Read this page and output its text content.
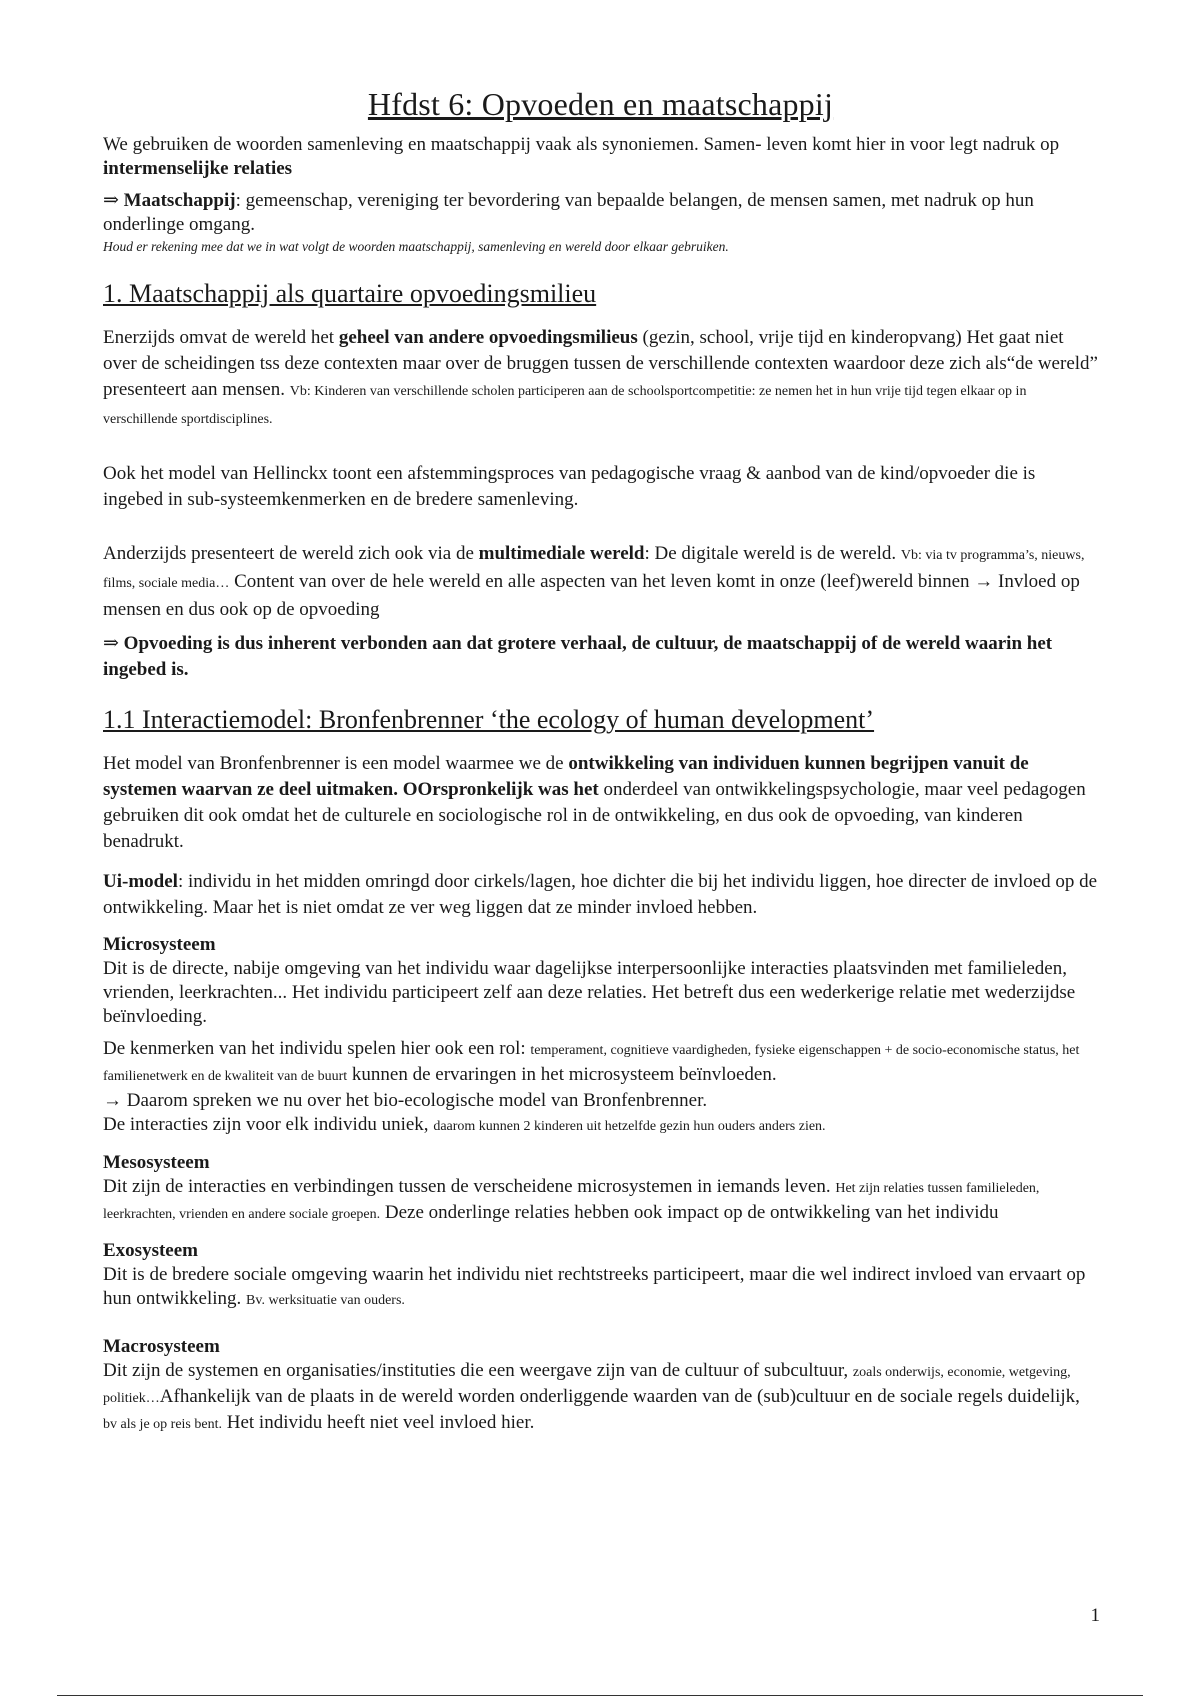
Hfdst 6: Opvoeden en maatschappij

We gebruiken de woorden samenleving en maatschappij vaak als synoniemen. Samen- leven komt hier in voor legt nadruk op intermenselijke relaties

⇒ Maatschappij: gemeenschap, vereniging ter bevordering van bepaalde belangen, de mensen samen, met nadruk op hun onderlinge omgang.

Houd er rekening mee dat we in wat volgt de woorden maatschappij, samenleving en wereld door elkaar gebruiken.

1. Maatschappij als quartaire opvoedingsmilieu

Enerzijds omvat de wereld het geheel van andere opvoedingsmilieus (gezin, school, vrije tijd en kinderopvang) Het gaat niet over de scheidingen tss deze contexten maar over de bruggen tussen de verschillende contexten waardoor deze zich als“de wereld” presenteert aan mensen. Vb: Kinderen van verschillende scholen participeren aan de schoolsportcompetitie: ze nemen het in hun vrije tijd tegen elkaar op in verschillende sportdisciplines.

Ook het model van Hellinckx toont een afstemmingsproces van pedagogische vraag & aanbod van de kind/opvoeder die is ingebed in sub-systeemkenmerken en de bredere samenleving.

Anderzijds presenteert de wereld zich ook via de multimediale wereld: De digitale wereld is de wereld. Vb: via tv programma’s, nieuws, films, sociale media… Content van over de hele wereld en alle aspecten van het leven komt in onze (leef)wereld binnen → Invloed op mensen en dus ook op de opvoeding

⇒ Opvoeding is dus inherent verbonden aan dat grotere verhaal, de cultuur, de maatschappij of de wereld waarin het ingebed is.

1.1 Interactiemodel: Bronfenbrenner ‘the ecology of human development’

Het model van Bronfenbrenner is een model waarmee we de ontwikkeling van individuen kunnen begrijpen vanuit de systemen waarvan ze deel uitmaken. OOrspronkelijk was het onderdeel van ontwikkelingspsychologie, maar veel pedagogen gebruiken dit ook omdat het de culturele en sociologische rol in de ontwikkeling, en dus ook de opvoeding, van kinderen benadrukt.

Ui-model: individu in het midden omringd door cirkels/lagen, hoe dichter die bij het individu liggen, hoe directer de invloed op de ontwikkeling. Maar het is niet omdat ze ver weg liggen dat ze minder invloed hebben.

Microsysteem

Dit is de directe, nabije omgeving van het individu waar dagelijkse interpersoonlijke interacties plaatsvinden met familieleden, vrienden, leerkrachten... Het individu participeert zelf aan deze relaties. Het betreft dus een wederkerige relatie met wederzijdse beïnvloeding.

De kenmerken van het individu spelen hier ook een rol: temperament, cognitieve vaardigheden, fysieke eigenschappen + de socio-economische status, het familienetwerk en de kwaliteit van de buurt kunnen de ervaringen in het microsysteem beïnvloeden.

→ Daarom spreken we nu over het bio-ecologische model van Bronfenbrenner.

De interacties zijn voor elk individu uniek, daarom kunnen 2 kinderen uit hetzelfde gezin hun ouders anders zien.

Mesosysteem

Dit zijn de interacties en verbindingen tussen de verscheidene microsystemen in iemands leven. Het zijn relaties tussen familieleden, leerkrachten, vrienden en andere sociale groepen. Deze onderlinge relaties hebben ook impact op de ontwikkeling van het individu

Exosysteem

Dit is de bredere sociale omgeving waarin het individu niet rechtstreeks participeert, maar die wel indirect invloed van ervaart op hun ontwikkeling. Bv. werksituatie van ouders.

Macrosysteem

Dit zijn de systemen en organisaties/instituties die een weergave zijn van de cultuur of subcultuur, zoals onderwijs, economie, wetgeving, politiek…Afhankelijk van de plaats in de wereld worden onderliggende waarden van de (sub)cultuur en de sociale regels duidelijk, bv als je op reis bent. Het individu heeft niet veel invloed hier.

1
